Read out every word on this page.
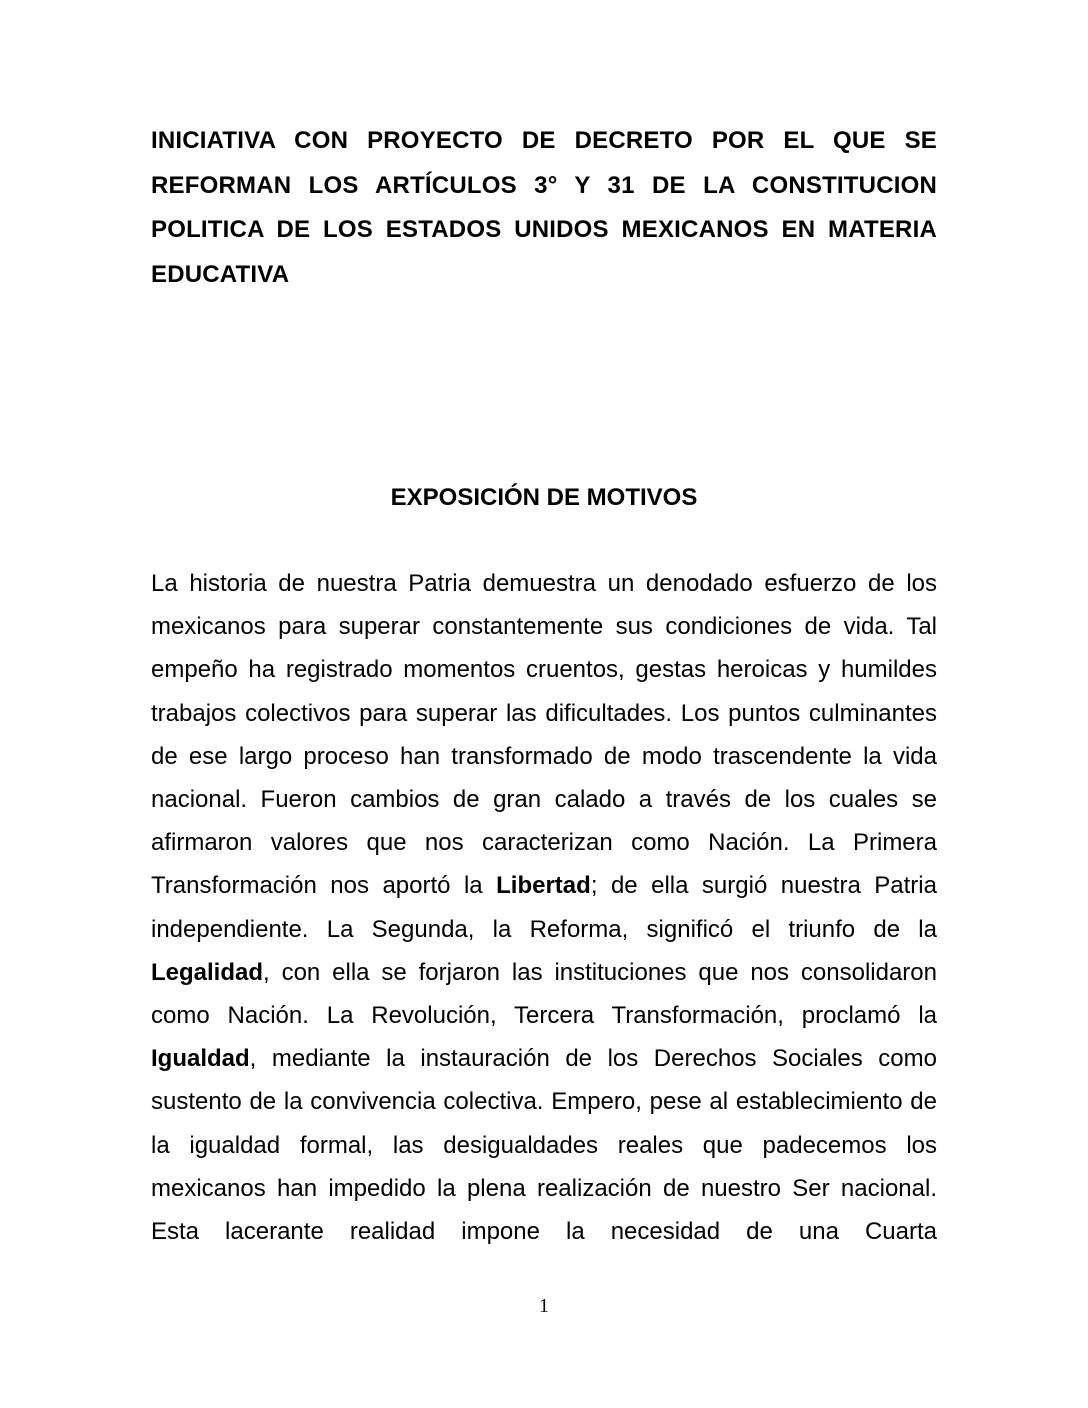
INICIATIVA CON PROYECTO DE DECRETO POR EL QUE SE REFORMAN LOS ARTÍCULOS 3° Y 31 DE LA CONSTITUCION POLITICA DE LOS ESTADOS UNIDOS MEXICANOS EN MATERIA EDUCATIVA
EXPOSICIÓN DE MOTIVOS

La historia de nuestra Patria demuestra un denodado esfuerzo de los mexicanos para superar constantemente sus condiciones de vida. Tal empeño ha registrado momentos cruentos, gestas heroicas y humildes trabajos colectivos para superar las dificultades. Los puntos culminantes de ese largo proceso han transformado de modo trascendente la vida nacional. Fueron cambios de gran calado a través de los cuales se afirmaron valores que nos caracterizan como Nación. La Primera Transformación nos aportó la Libertad; de ella surgió nuestra Patria independiente. La Segunda, la Reforma, significó el triunfo de la Legalidad, con ella se forjaron las instituciones que nos consolidaron como Nación. La Revolución, Tercera Transformación, proclamó la Igualdad, mediante la instauración de los Derechos Sociales como sustento de la convivencia colectiva. Empero, pese al establecimiento de la igualdad formal, las desigualdades reales que padecemos los mexicanos han impedido la plena realización de nuestro Ser nacional. Esta lacerante realidad impone la necesidad de una Cuarta

1
